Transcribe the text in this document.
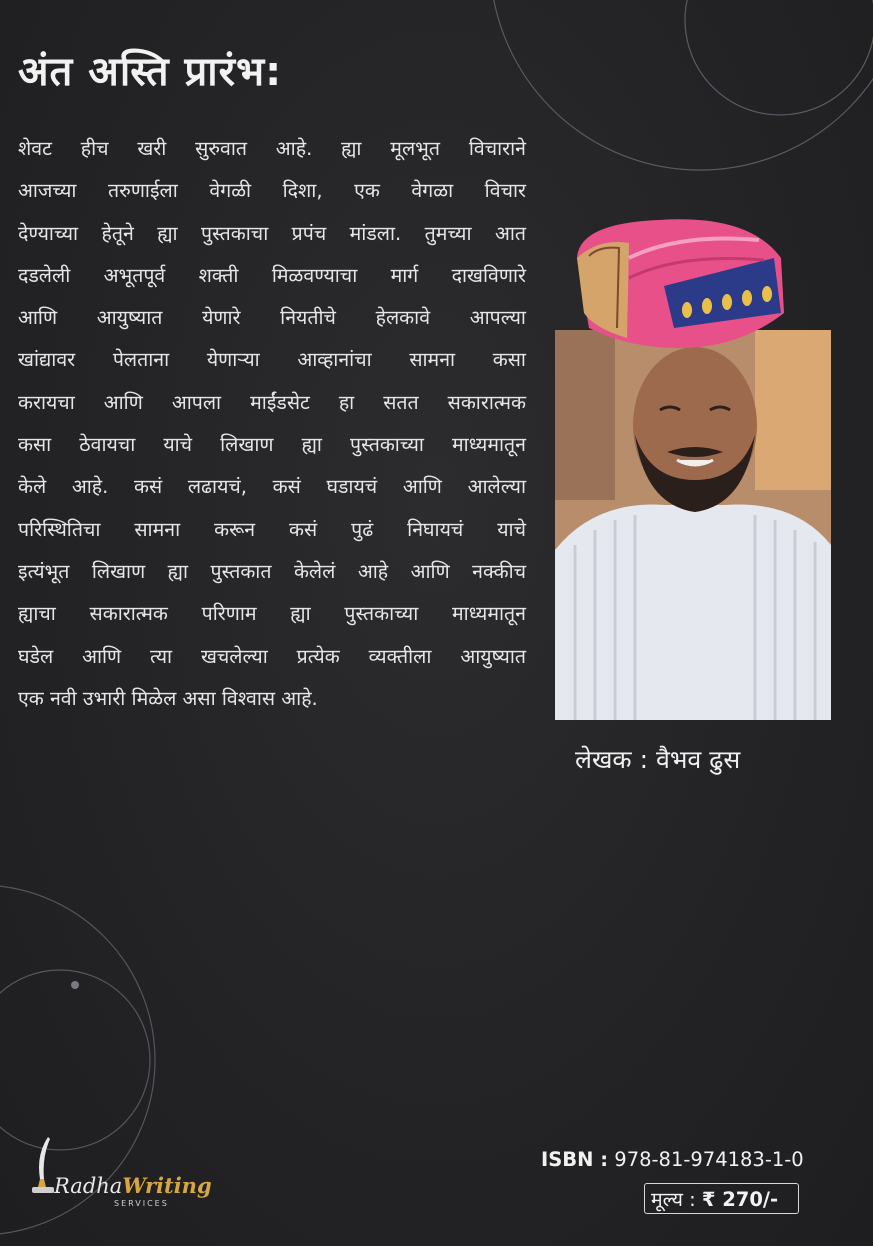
अंत अस्ति प्रारंभ:
शेवट हीच खरी सुरुवात आहे. ह्या मूलभूत विचाराने
आजच्या तरुणाईला वेगळी दिशा, एक वेगळा विचार
देण्याच्या हेतूने ह्या पुस्तकाचा प्रपंच मांडला. तुमच्या आत
दडलेली अभूतपूर्व शक्ती मिळवण्याचा मार्ग दाखविणारे
आणि आयुष्यात येणारे नियतीचे हेलकावे आपल्या
खांद्यावर पेलताना येणाऱ्या आव्हानांचा सामना कसा
करायचा आणि आपला माईंडसेट हा सतत सकारात्मक
कसा ठेवायचा याचे लिखाण ह्या पुस्तकाच्या माध्यमातून
केले आहे. कसं लढायचं, कसं घडायचं आणि आलेल्या
परिस्थितिचा सामना करून कसं पुढं निघायचं याचे
इत्यंभूत लिखाण ह्या पुस्तकात केलेलं आहे आणि नक्कीच
ह्याचा सकारात्मक परिणाम ह्या पुस्तकाच्या माध्यमातून
घडेल आणि त्या खचलेल्या प्रत्येक व्यक्तीला आयुष्यात
एक नवी उभारी मिळेल असा विश्वास आहे.
लेखक : वैभव ढुस
RadhaWriting
SERVICES
ISBN : 978-81-974183-1-0
मूल्य : ₹ 270/-
